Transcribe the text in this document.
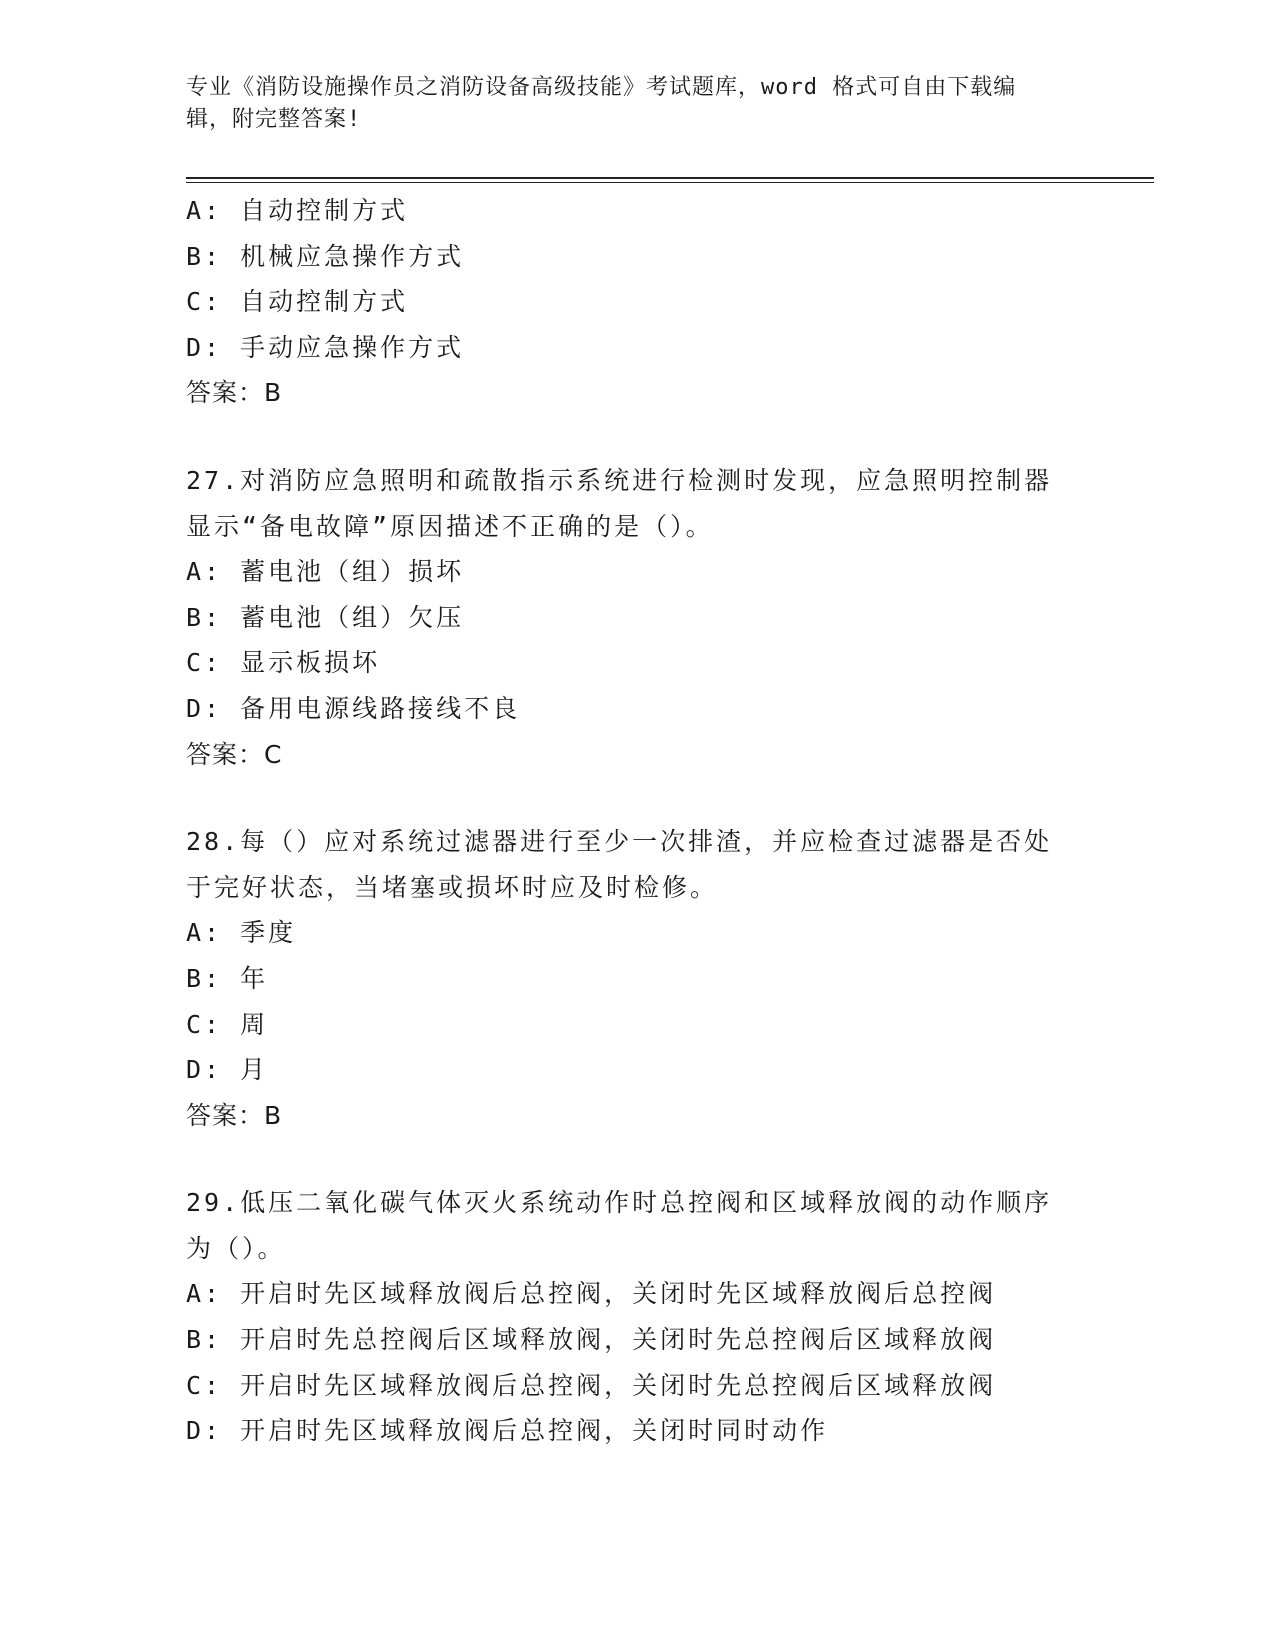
专业《消防设施操作员之消防设备高级技能》考试题库，word 格式可自由下载编
辑，附完整答案!
A: 自动控制方式
B: 机械应急操作方式
C: 自动控制方式
D: 手动应急操作方式
答案：B
27.对消防应急照明和疏散指示系统进行检测时发现，应急照明控制器
显示“备电故障”原因描述不正确的是（）。
A: 蓄电池（组）损坏
B: 蓄电池（组）欠压
C: 显示板损坏
D: 备用电源线路接线不良
答案：C
28.每（）应对系统过滤器进行至少一次排渣，并应检查过滤器是否处
于完好状态，当堵塞或损坏时应及时检修。
A: 季度
B: 年
C: 周
D: 月
答案：B
29.低压二氧化碳气体灭火系统动作时总控阀和区域释放阀的动作顺序
为（）。
A: 开启时先区域释放阀后总控阀，关闭时先区域释放阀后总控阀
B: 开启时先总控阀后区域释放阀，关闭时先总控阀后区域释放阀
C: 开启时先区域释放阀后总控阀，关闭时先总控阀后区域释放阀
D: 开启时先区域释放阀后总控阀，关闭时同时动作
